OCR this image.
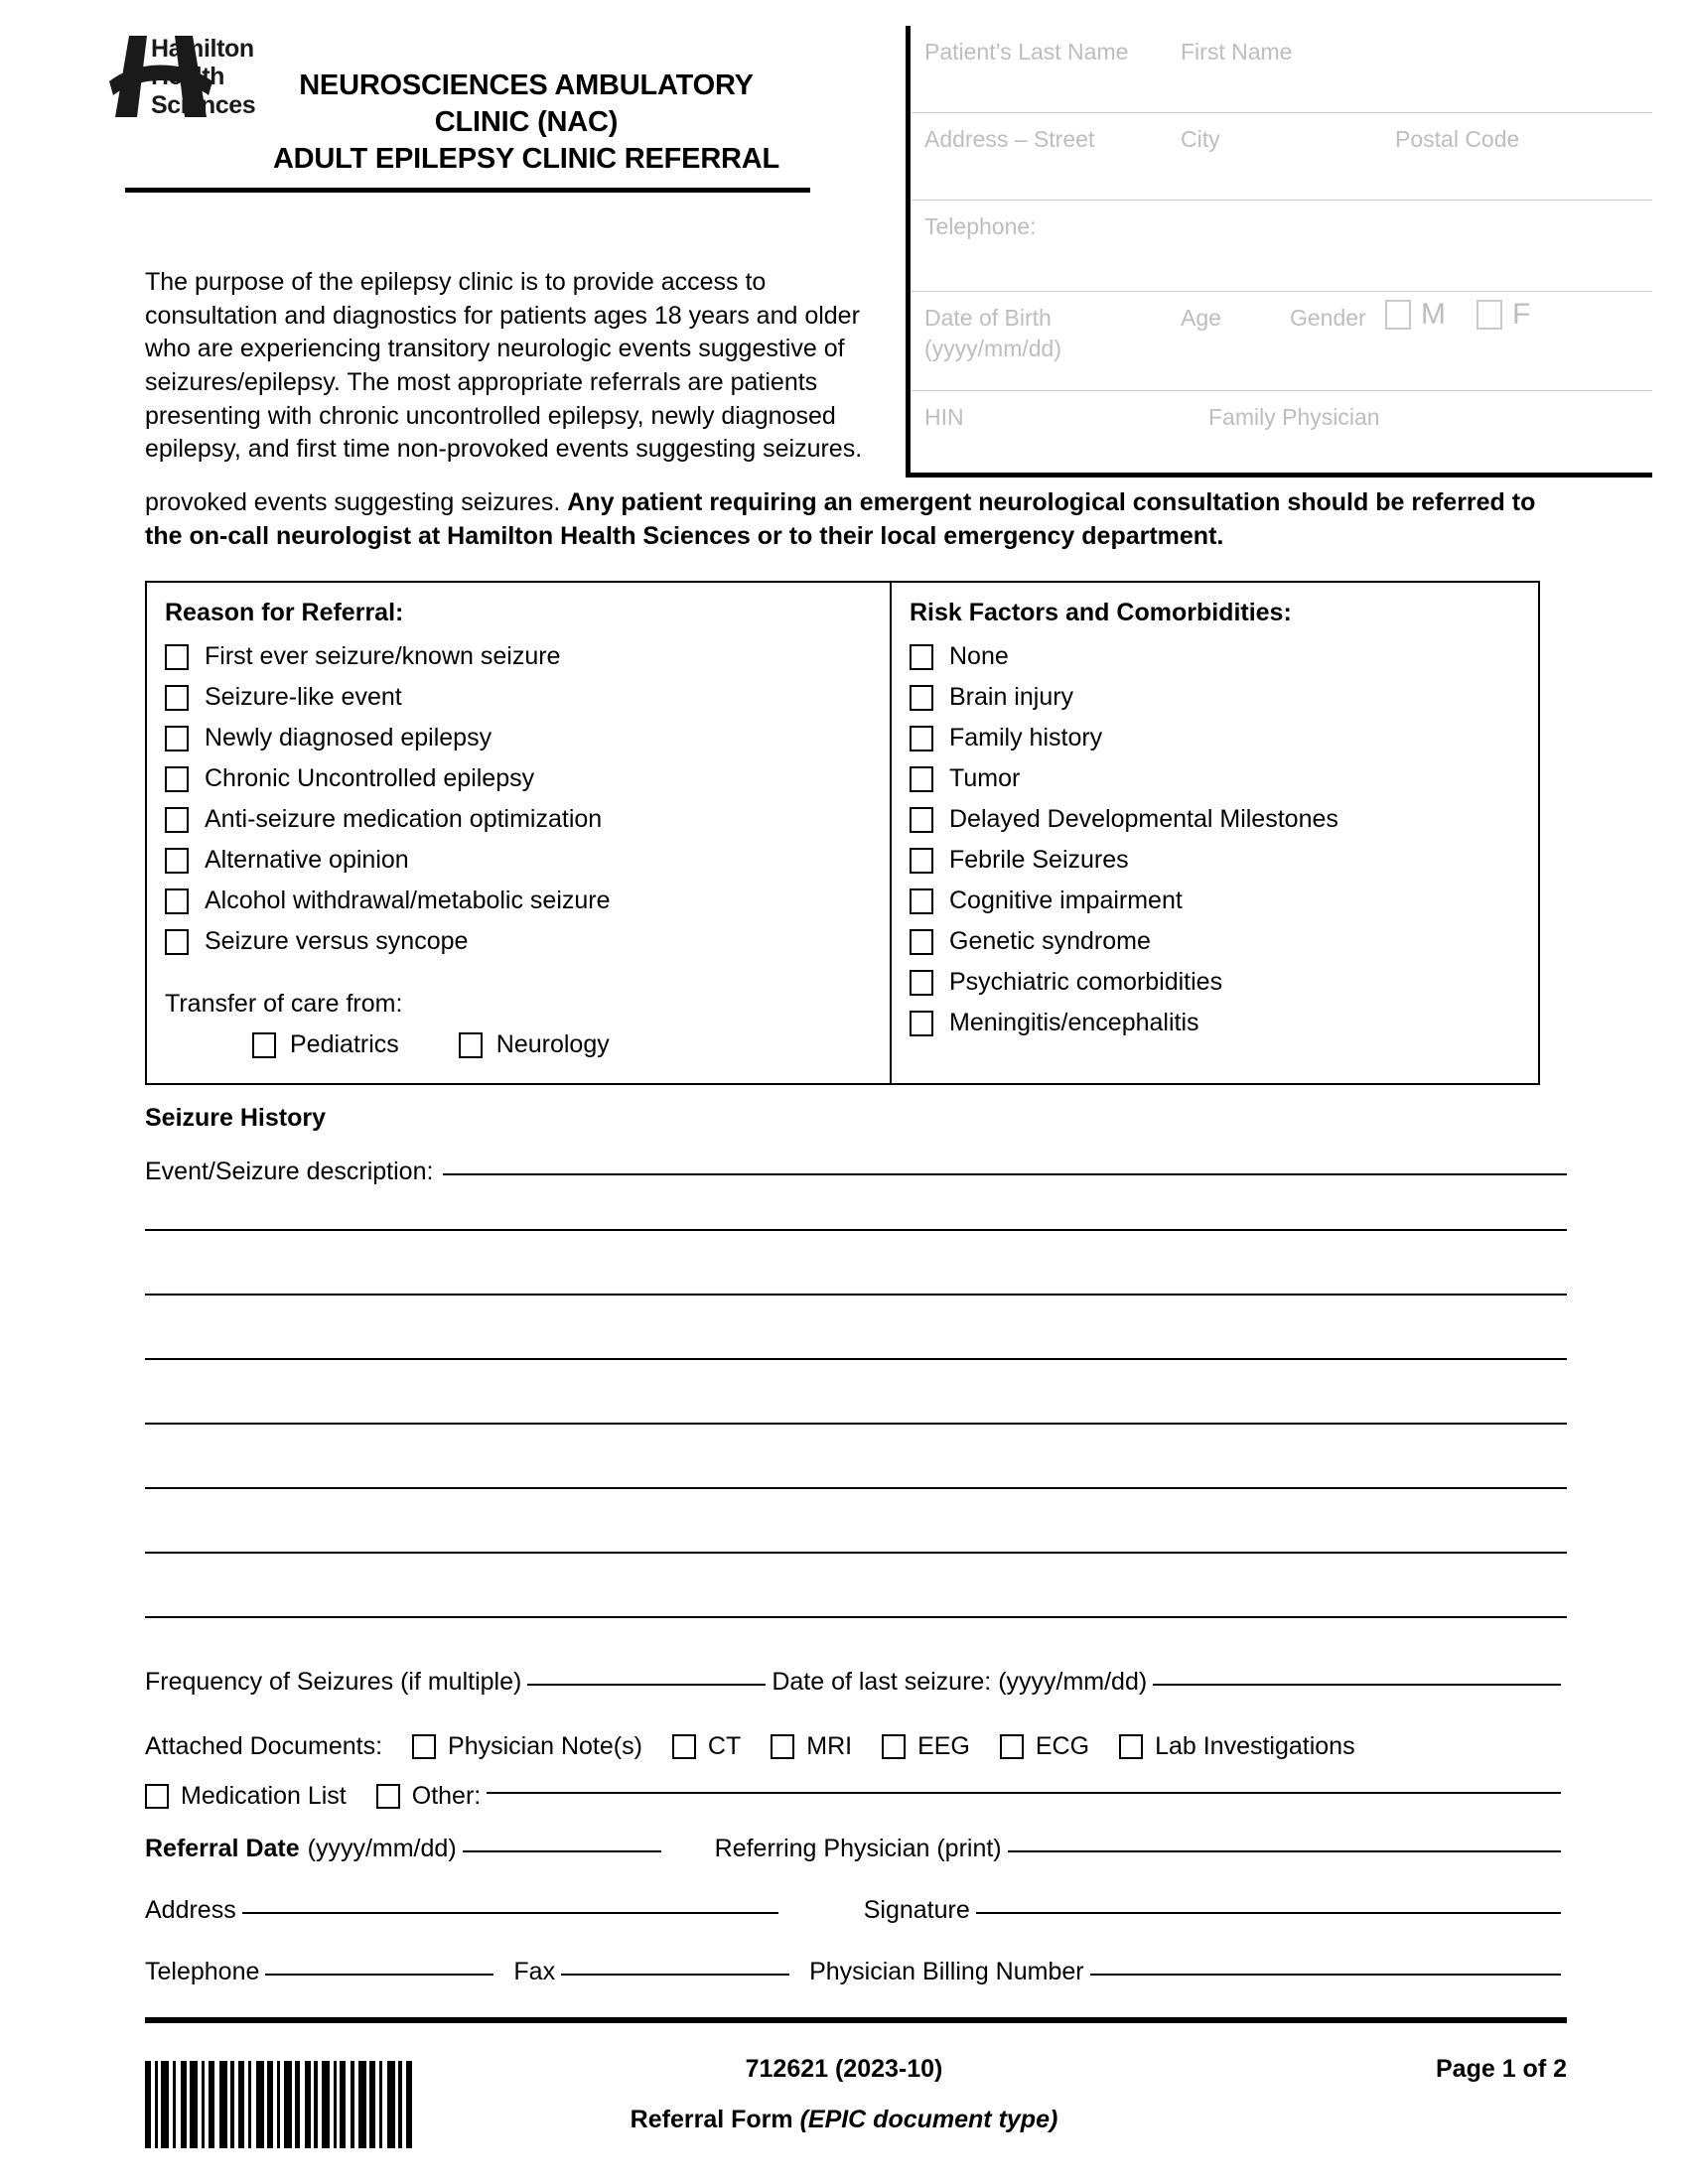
Hamilton
Health
Sciences
NEUROSCIENCES AMBULATORY
CLINIC (NAC)
ADULT EPILEPSY CLINIC REFERRAL
Patient’s Last Name First Name
Address – Street	City	Postal Code
Telephone:
Date of Birth
(yyyy/mm/dd)
Age	Gender M F
HIN	Family Physician
The purpose of the epilepsy clinic is to provide access to consultation and diagnostics for patients ages 18 years and older who are experiencing transitory neurologic events suggestive of seizures/epilepsy. The most appropriate referrals are patients presenting with chronic uncontrolled epilepsy, newly diagnosed epilepsy, and first time non-provoked events suggesting seizures.
provoked events suggesting seizures. Any patient requiring an emergent neurological consultation should be referred to the on-call neurologist at Hamilton Health Sciences or to their local emergency department.
Reason for Referral:
First ever seizure/known seizure
Seizure-like event
Newly diagnosed epilepsy
Chronic Uncontrolled epilepsy
Anti-seizure medication optimization
Alternative opinion
Alcohol withdrawal/metabolic seizure
Seizure versus syncope
Transfer of care from:
Pediatrics	Neurology
Risk Factors and Comorbidities:
None
Brain injury
Family history
Tumor
Delayed Developmental Milestones
Febrile Seizures
Cognitive impairment
Genetic syndrome
Psychiatric comorbidities
Meningitis/encephalitis
Seizure History
Event/Seizure description:
Frequency of Seizures (if multiple)	Date of last seizure: (yyyy/mm/dd)
Attached Documents:	Physician Note(s)	CT	MRI	EEG	ECG	Lab Investigations
Medication List	Other:
Referral Date (yyyy/mm/dd)	Referring Physician (print)
Address	Signature
Telephone	Fax	Physician Billing Number
712621 (2023-10)
Referral Form (EPIC document type)
Page 1 of 2
